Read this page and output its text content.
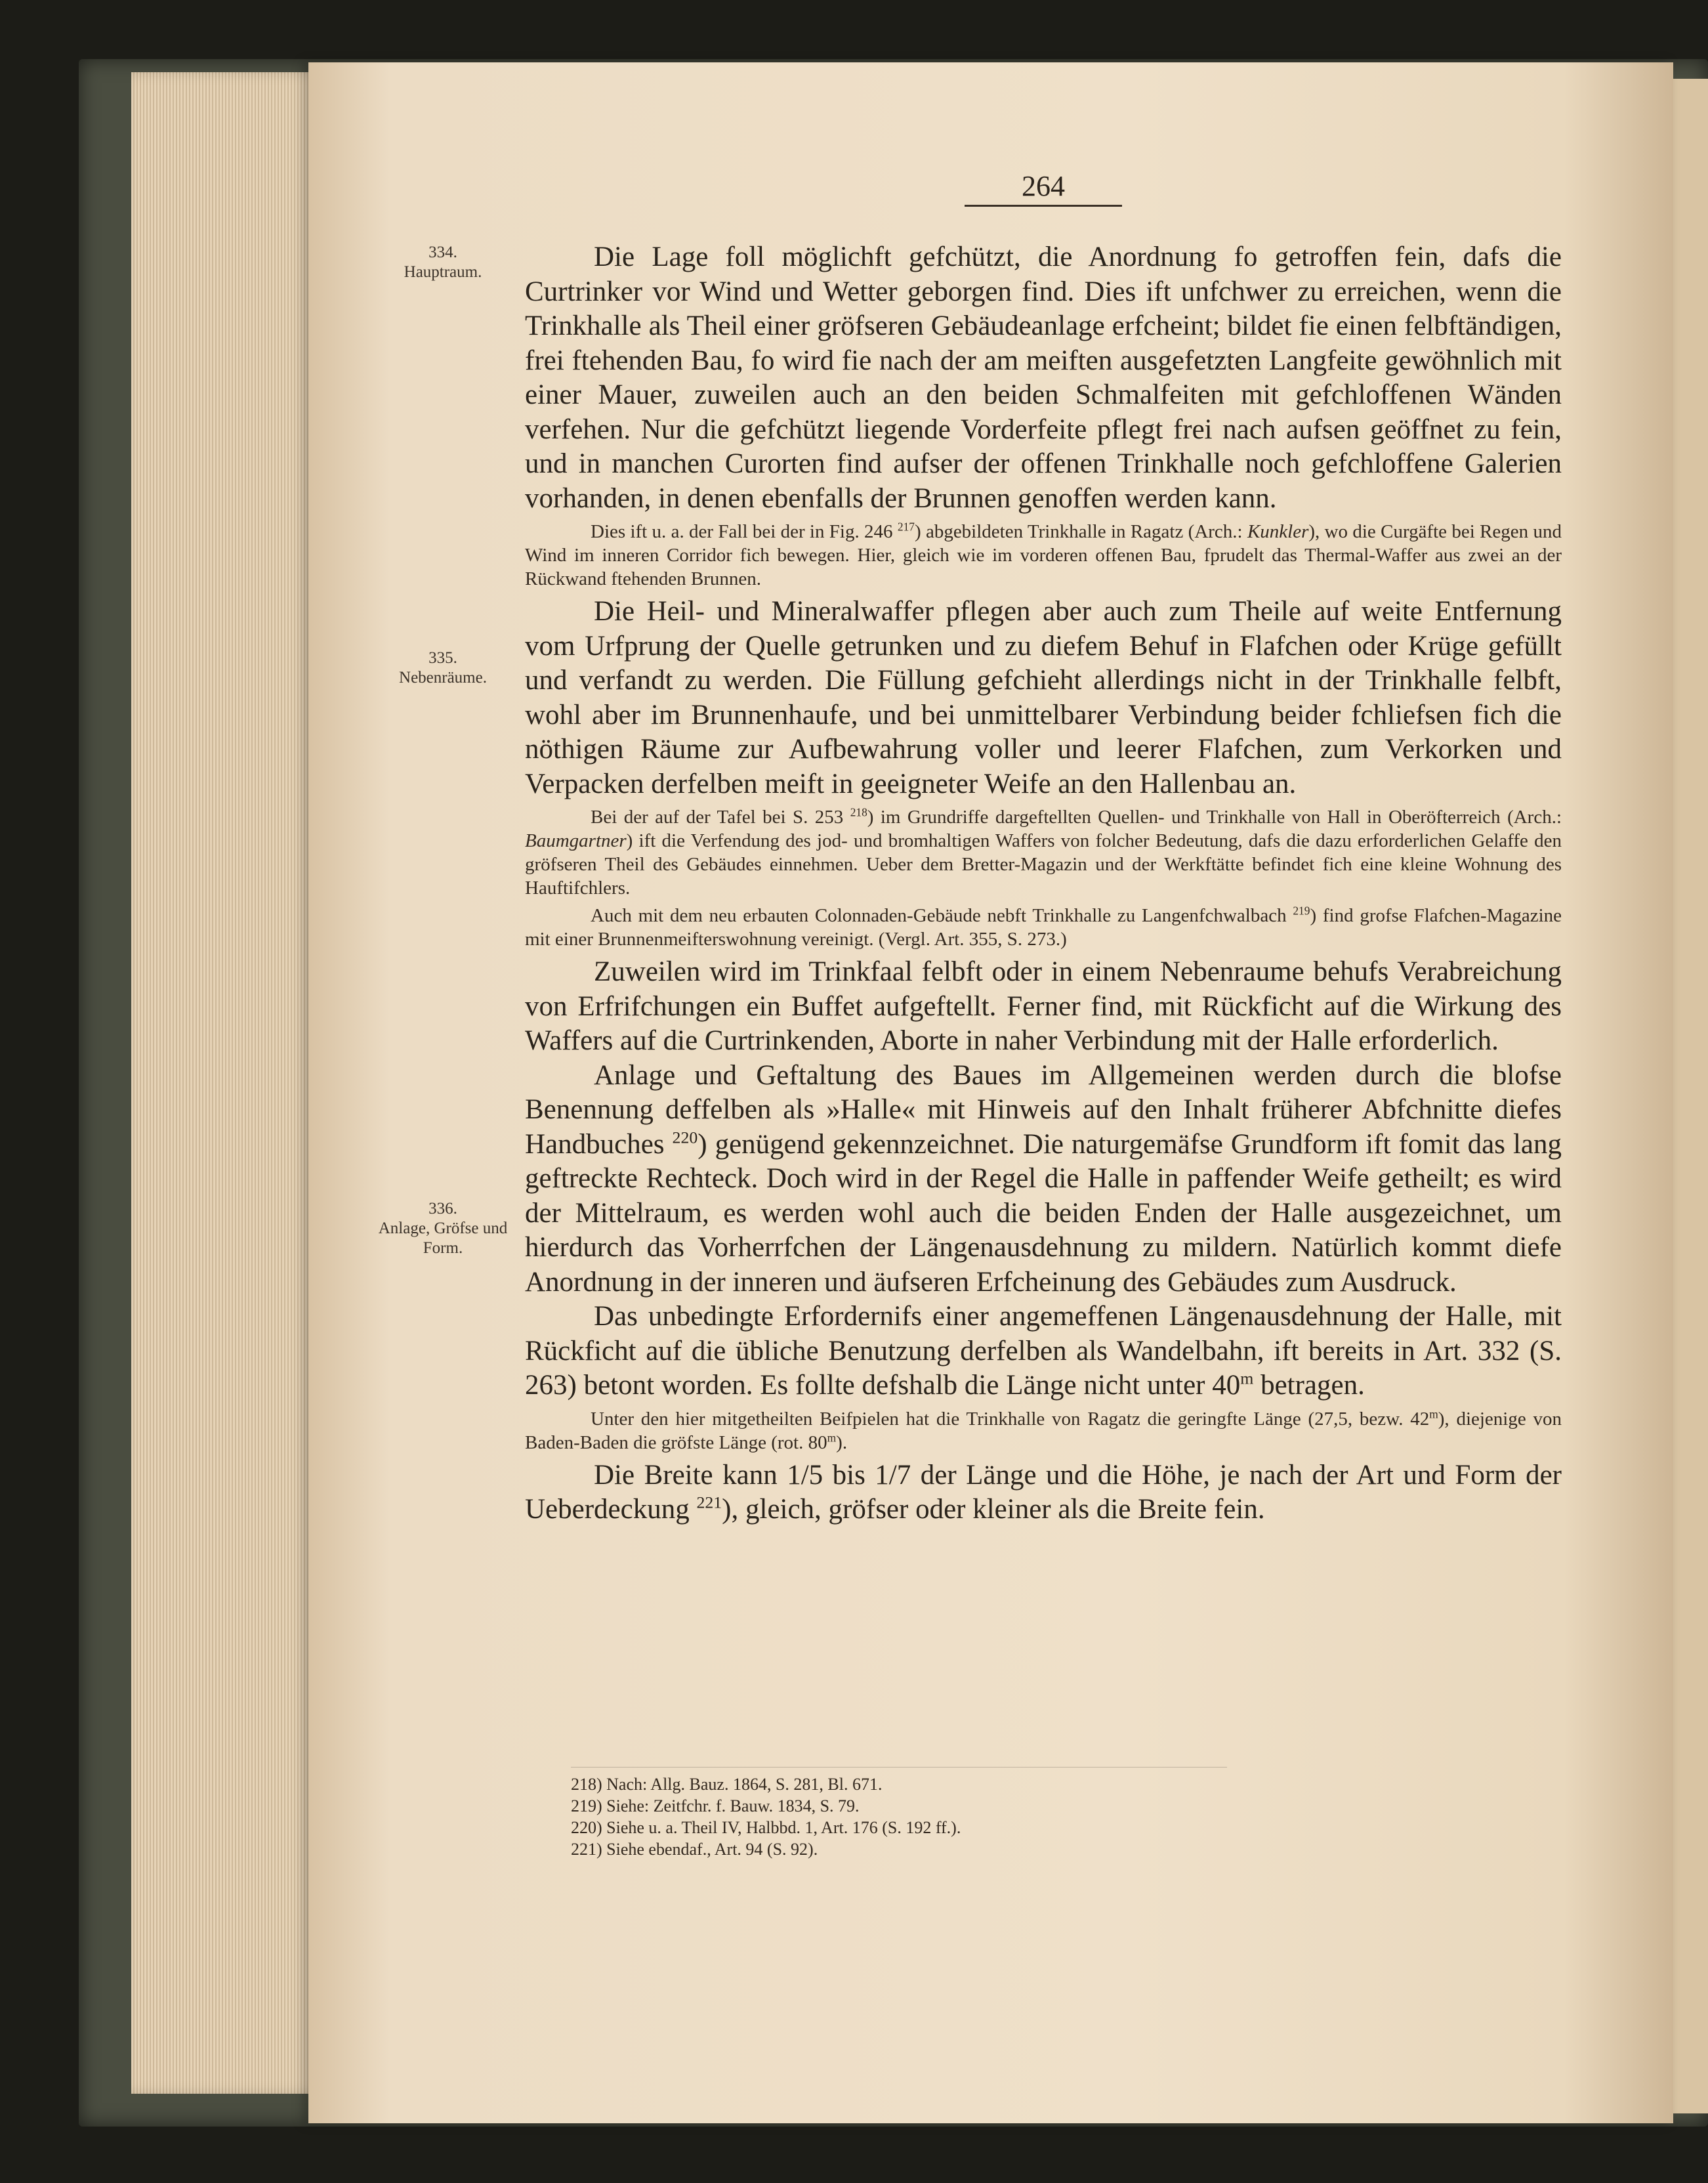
264
334.
Hauptraum.
335.
Nebenräume.
336.
Anlage, Gröfse und Form.

Die Lage foll möglichft gefchützt, die Anordnung fo getroffen fein, dafs die Curtrinker vor Wind und Wetter geborgen find. Dies ift unfchwer zu erreichen, wenn die Trinkhalle als Theil einer gröfseren Gebäudeanlage erfcheint; bildet fie einen felbftändigen, frei ftehenden Bau, fo wird fie nach der am meiften ausgefetzten Langfeite gewöhnlich mit einer Mauer, zuweilen auch an den beiden Schmalfeiten mit gefchloffenen Wänden verfehen. Nur die gefchützt liegende Vorderfeite pflegt frei nach aufsen geöffnet zu fein, und in manchen Curorten find aufser der offenen Trinkhalle noch gefchloffene Galerien vorhanden, in denen ebenfalls der Brunnen genoffen werden kann.

Dies ift u. a. der Fall bei der in Fig. 246 $^{217}$) abgebildeten Trinkhalle in Ragatz (Arch.: Kunkler), wo die Curgäfte bei Regen und Wind im inneren Corridor fich bewegen. Hier, gleich wie im vorderen offenen Bau, fprudelt das Thermal-Waffer aus zwei an der Rückwand ftehenden Brunnen.

Die Heil- und Mineralwaffer pflegen aber auch zum Theile auf weite Entfernung vom Urfprung der Quelle getrunken und zu diefem Behuf in Flafchen oder Krüge gefüllt und verfandt zu werden. Die Füllung gefchieht allerdings nicht in der Trinkhalle felbft, wohl aber im Brunnenhaufe, und bei unmittelbarer Verbindung beider fchliefsen fich die nöthigen Räume zur Aufbewahrung voller und leerer Flafchen, zum Verkorken und Verpacken derfelben meift in geeigneter Weife an den Hallenbau an.

Bei der auf der Tafel bei S. 253 $^{218}$) im Grundriffe dargeftellten Quellen- und Trinkhalle von Hall in Oberöfterreich (Arch.: Baumgartner) ift die Verfendung des jod- und bromhaltigen Waffers von folcher Bedeutung, dafs die dazu erforderlichen Gelaffe den gröfseren Theil des Gebäudes einnehmen. Ueber dem Bretter-Magazin und der Werkftätte befindet fich eine kleine Wohnung des Hauftifchlers.

Auch mit dem neu erbauten Colonnaden-Gebäude nebft Trinkhalle zu Langenfchwalbach $^{219}$) find grofse Flafchen-Magazine mit einer Brunnenmeifterswohnung vereinigt. (Vergl. Art. 355, S. 273.)

Zuweilen wird im Trinkfaal felbft oder in einem Nebenraume behufs Verabreichung von Erfrifchungen ein Buffet aufgeftellt. Ferner find, mit Rückficht auf die Wirkung des Waffers auf die Curtrinkenden, Aborte in naher Verbindung mit der Halle erforderlich.

Anlage und Geftaltung des Baues im Allgemeinen werden durch die blofse Benennung deffelben als »Halle« mit Hinweis auf den Inhalt früherer Abfchnitte diefes Handbuches $^{220}$) genügend gekennzeichnet. Die naturgemäfse Grundform ift fomit das lang geftreckte Rechteck. Doch wird in der Regel die Halle in paffender Weife getheilt; es wird der Mittelraum, es werden wohl auch die beiden Enden der Halle ausgezeichnet, um hierdurch das Vorherrfchen der Längenausdehnung zu mildern. Natürlich kommt diefe Anordnung in der inneren und äufseren Erfcheinung des Gebäudes zum Ausdruck.

Das unbedingte Erfordernifs einer angemeffenen Längenausdehnung der Halle, mit Rückficht auf die übliche Benutzung derfelben als Wandelbahn, ift bereits in Art. 332 (S. 263) betont worden. Es follte defshalb die Länge nicht unter 40$^m$ betragen.

Unter den hier mitgetheilten Beifpielen hat die Trinkhalle von Ragatz die geringfte Länge (27,5, bezw. 42$^m$), diejenige von Baden-Baden die gröfste Länge (rot. 80$^m$).

Die Breite kann 1/5 bis 1/7 der Länge und die Höhe, je nach der Art und Form der Ueberdeckung $^{221}$), gleich, gröfser oder kleiner als die Breite fein.

218) Nach: Allg. Bauz. 1864, S. 281, Bl. 671.
219) Siehe: Zeitfchr. f. Bauw. 1834, S. 79.
220) Siehe u. a. Theil IV, Halbbd. 1, Art. 176 (S. 192 ff.).
221) Siehe ebendaf., Art. 94 (S. 92).
